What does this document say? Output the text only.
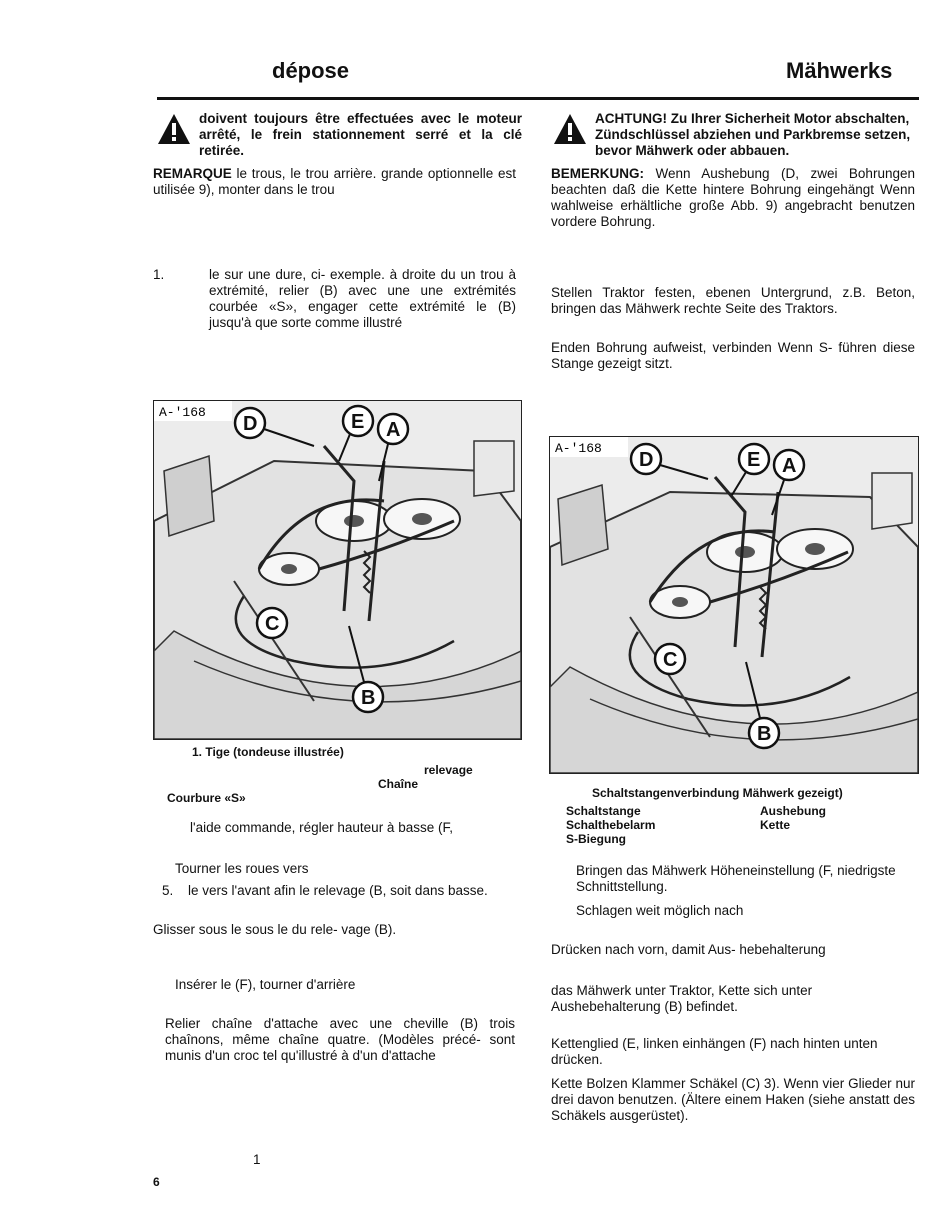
dépose	Mähwerks
doivent toujours être effectuées avec le moteur arrêté, le frein stationnement serré et la clé retirée.
REMARQUE le trous, le trou arrière. grande optionnelle est utilisée 9), monter dans le trou
1.	le sur une dure, ci- exemple. à droite du un trou à extrémité, relier (B) avec une une extrémités courbée «S», engager cette extrémité le (B) jusqu'à que sorte comme illustré
D	E A
C
B
A-'168
1. Tige (tondeuse illustrée)
relevage
Chaîne
Courbure «S»
l'aide commande, régler hauteur à basse (F,
Tourner les roues vers
5.	le vers l'avant afin le relevage (B, soit dans basse.
Glisser sous le sous le du rele- vage (B).
Insérer le (F), tourner d'arrière
Relier chaîne d'attache avec une cheville (B) trois chaînons, même chaîne quatre. (Modèles précé- sont munis d'un croc tel qu'illustré à d'un d'attache
1
6
ACHTUNG! Zu Ihrer Sicherheit Motor abschalten, Zündschlüssel abziehen und Parkbremse setzen, bevor Mähwerk oder abbauen.
BEMERKUNG: Wenn Aushebung (D, zwei Bohrungen beachten daß die Kette hintere Bohrung eingehängt Wenn wahlweise erhältliche große Abb. 9) angebracht benutzen vordere Bohrung.
Stellen Traktor festen, ebenen Untergrund, z.B. Beton, bringen das Mähwerk rechte Seite des Traktors.
Enden Bohrung aufweist, verbinden Wenn S- führen diese Stange gezeigt sitzt.
D	E A
C
B
A-'168
Schaltstangenverbindung Mähwerk gezeigt)
Schaltstange	Aushebung
Schalthebelarm	Kette
S-Biegung
Bringen das Mähwerk Höheneinstellung (F, niedrigste Schnittstellung.
Schlagen weit möglich nach
Drücken nach vorn, damit Aus- hebehalterung
das Mähwerk unter Traktor, Kette sich unter Aushebehalterung (B) befindet.
Kettenglied (E, linken einhängen (F) nach hinten unten drücken.
Kette Bolzen Klammer Schäkel (C) 3). Wenn vier Glieder nur drei davon benutzen. (Ältere einem Haken (siehe anstatt des Schäkels ausgerüstet).
